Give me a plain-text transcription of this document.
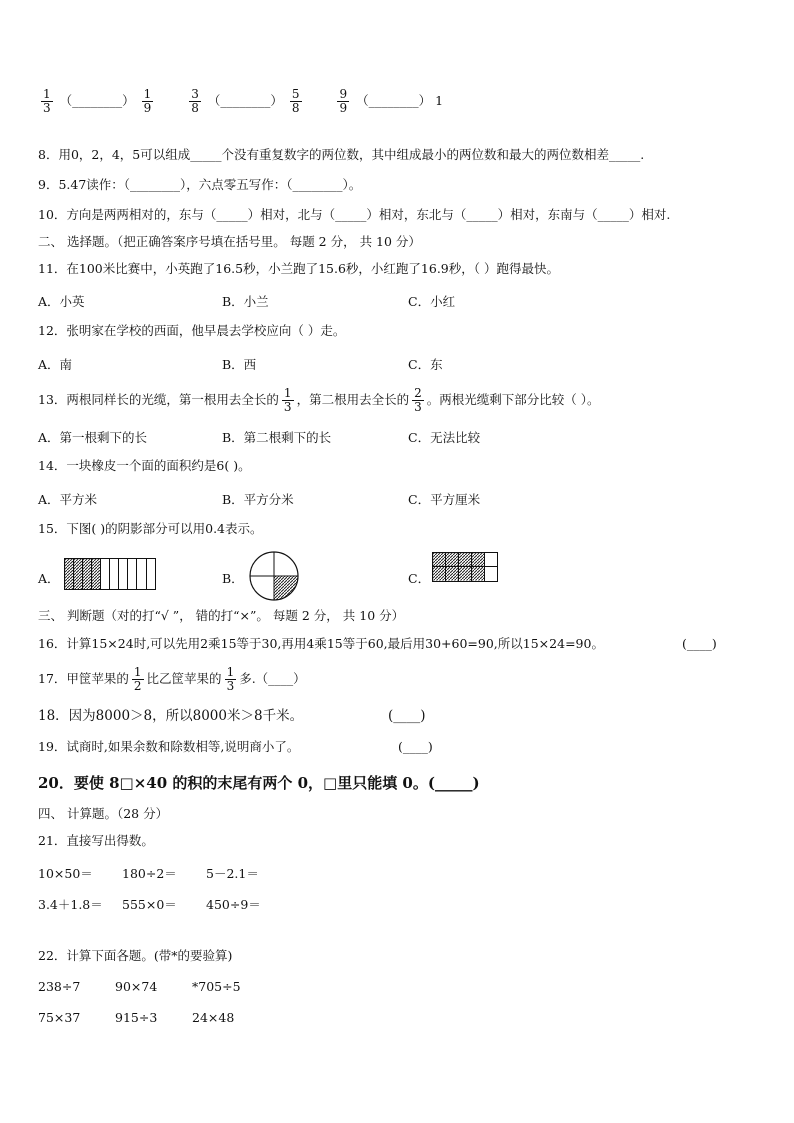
$\frac{1}{3}$ （________） $\frac{1}{9}$
	$\frac{3}{8}$ （________） $\frac{5}{8}$
	$\frac{9}{9}$ （________） 1
8．用0，2，4，5可以组成_____个没有重复数字的两位数，其中组成最小的两位数和最大的两位数相差_____.
9．5.47读作：（________），六点零五写作：（________）。
10．方向是两两相对的，东与（_____）相对，北与（_____）相对，东北与（_____）相对，东南与（_____）相对.
二、 选择题。（把正确答案序号填在括号里。 每题 2 分， 共 10 分）
11．在100米比赛中，小英跑了16.5秒，小兰跑了15.6秒，小红跑了16.9秒，（ ）跑得最快。
A．小英	B．小兰	C．小红
12．张明家在学校的西面，他早晨去学校应向（ ）走。
A．南	B．西	C．东
13．两根同样长的光缆，第一根用去全长的 $\frac{1}{3}$ ，第二根用去全长的 $\frac{2}{3}$ 。两根光缆剩下部分比较（ ）。
A．第一根剩下的长	B．第二根剩下的长	C．无法比较
14．一块橡皮一个面的面积约是6( )。
A．平方米	B．平方分米	C．平方厘米
15．下图( )的阴影部分可以用0.4表示。
A．	B．	C．
三、 判断题（对的打“√ ”， 错的打“×”。 每题 2 分， 共 10 分）
16．计算15×24时,可以先用2乘15等于30,再用4乘15等于60,最后用30+60=90,所以15×24=90。	(____)
17．甲筐苹果的 $\frac{1}{2}$ 比乙筐苹果的 $\frac{1}{3}$ 多.（____）
18．因为8000＞8，所以8000米＞8千米。	(____)
19．试商时,如果余数和除数相等,说明商小了。	(____)
20．要使 8□×40 的积的末尾有两个 0，□里只能填 0。(_____)
四、 计算题。（28 分）
21．直接写出得数。
10×50＝ 180÷2＝ 5－2.1＝
3.4＋1.8＝ 555×0＝ 450÷9＝
22．计算下面各题。(带*的要验算)
238÷7	90×74	*705÷5
75×37	915÷3	24×48
